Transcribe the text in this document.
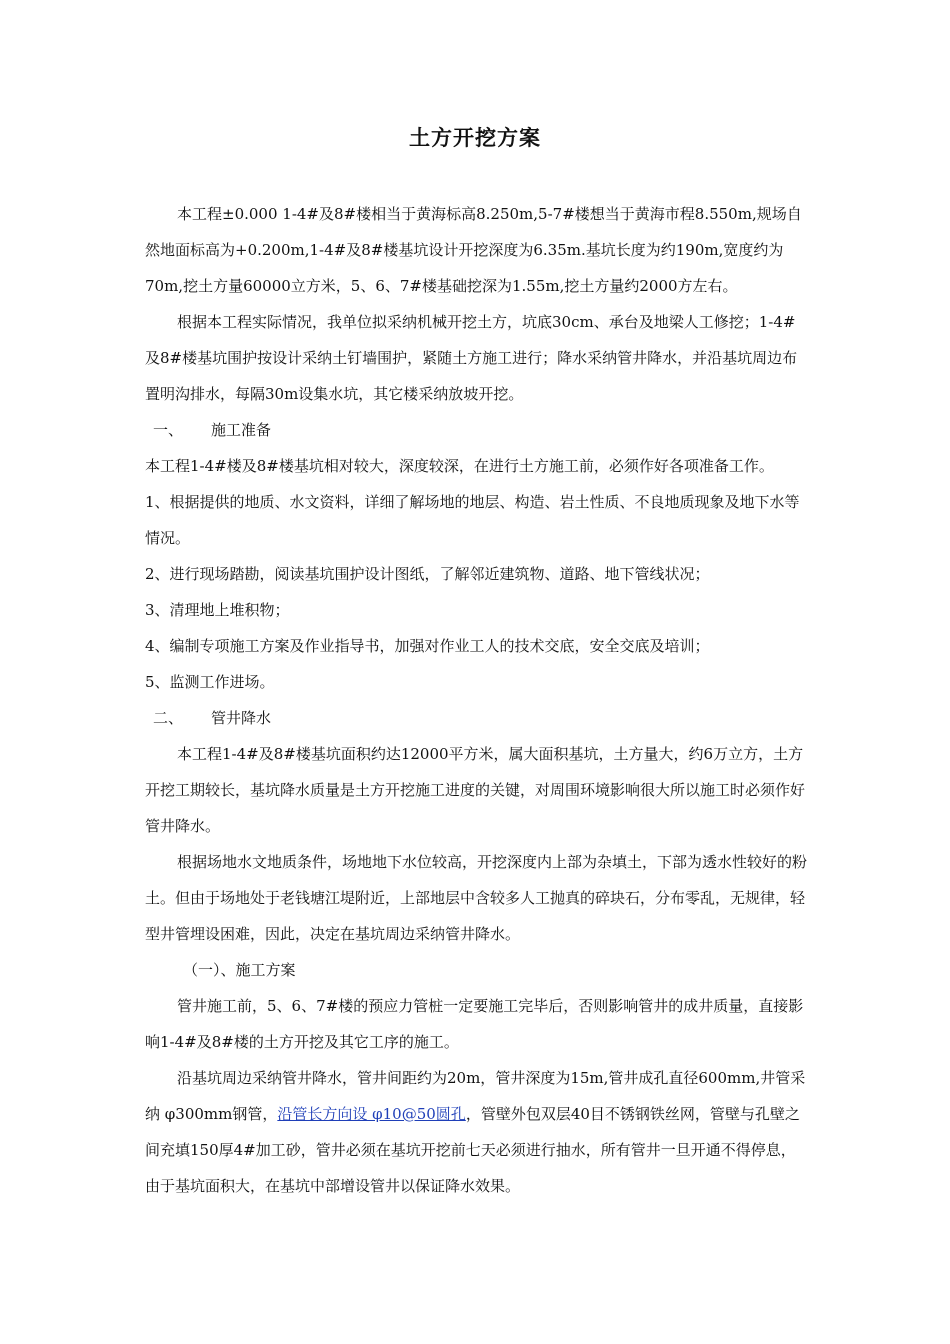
土方开挖方案

本工程±0.000 1-4#及8#楼相当于黄海标高8.250m,5-7#楼想当于黄海市程8.550m,规场自然地面标高为+0.200m,1-4#及8#楼基坑设计开挖深度为6.35m.基坑长度为约190m,宽度约为70m,挖土方量60000立方米，5、6、7#楼基础挖深为1.55m,挖土方量约2000方左右。

根据本工程实际情况，我单位拟采纳机械开挖土方，坑底30cm、承台及地梁人工修挖；1-4#及8#楼基坑围护按设计采纳土钉墙围护，紧随土方施工进行；降水采纳管井降水，并沿基坑周边布置明沟排水，每隔30m设集水坑，其它楼采纳放坡开挖。

一、 施工准备

本工程1-4#楼及8#楼基坑相对较大，深度较深，在进行土方施工前，必须作好各项准备工作。

1、根据提供的地质、水文资料，详细了解场地的地层、构造、岩土性质、不良地质现象及地下水等情况。

2、进行现场踏勘，阅读基坑围护设计图纸，了解邻近建筑物、道路、地下管线状况；

3、清理地上堆积物；

4、编制专项施工方案及作业指导书，加强对作业工人的技术交底，安全交底及培训；

5、监测工作进场。

二、 管井降水

本工程1-4#及8#楼基坑面积约达12000平方米，属大面积基坑，土方量大，约6万立方，土方开挖工期较长，基坑降水质量是土方开挖施工进度的关键，对周围环境影响很大所以施工时必须作好管井降水。

根据场地水文地质条件，场地地下水位较高，开挖深度内上部为杂填土，下部为透水性较好的粉土。但由于场地处于老钱塘江堤附近，上部地层中含较多人工抛真的碎块石，分布零乱，无规律，轻型井管埋设困难，因此，决定在基坑周边采纳管井降水。

（一）、施工方案

管井施工前，5、6、7#楼的预应力管桩一定要施工完毕后，否则影响管井的成井质量，直接影响1-4#及8#楼的土方开挖及其它工序的施工。

沿基坑周边采纳管井降水，管井间距约为20m，管井深度为15m,管井成孔直径600mm,井管采纳 φ300mm钢管，沿管长方向设 φ10@50圆孔，管壁外包双层40目不锈钢铁丝网，管壁与孔壁之间充填150厚4#加工砂，管井必须在基坑开挖前七天必须进行抽水，所有管井一旦开通不得停息，由于基坑面积大，在基坑中部增设管井以保证降水效果。
